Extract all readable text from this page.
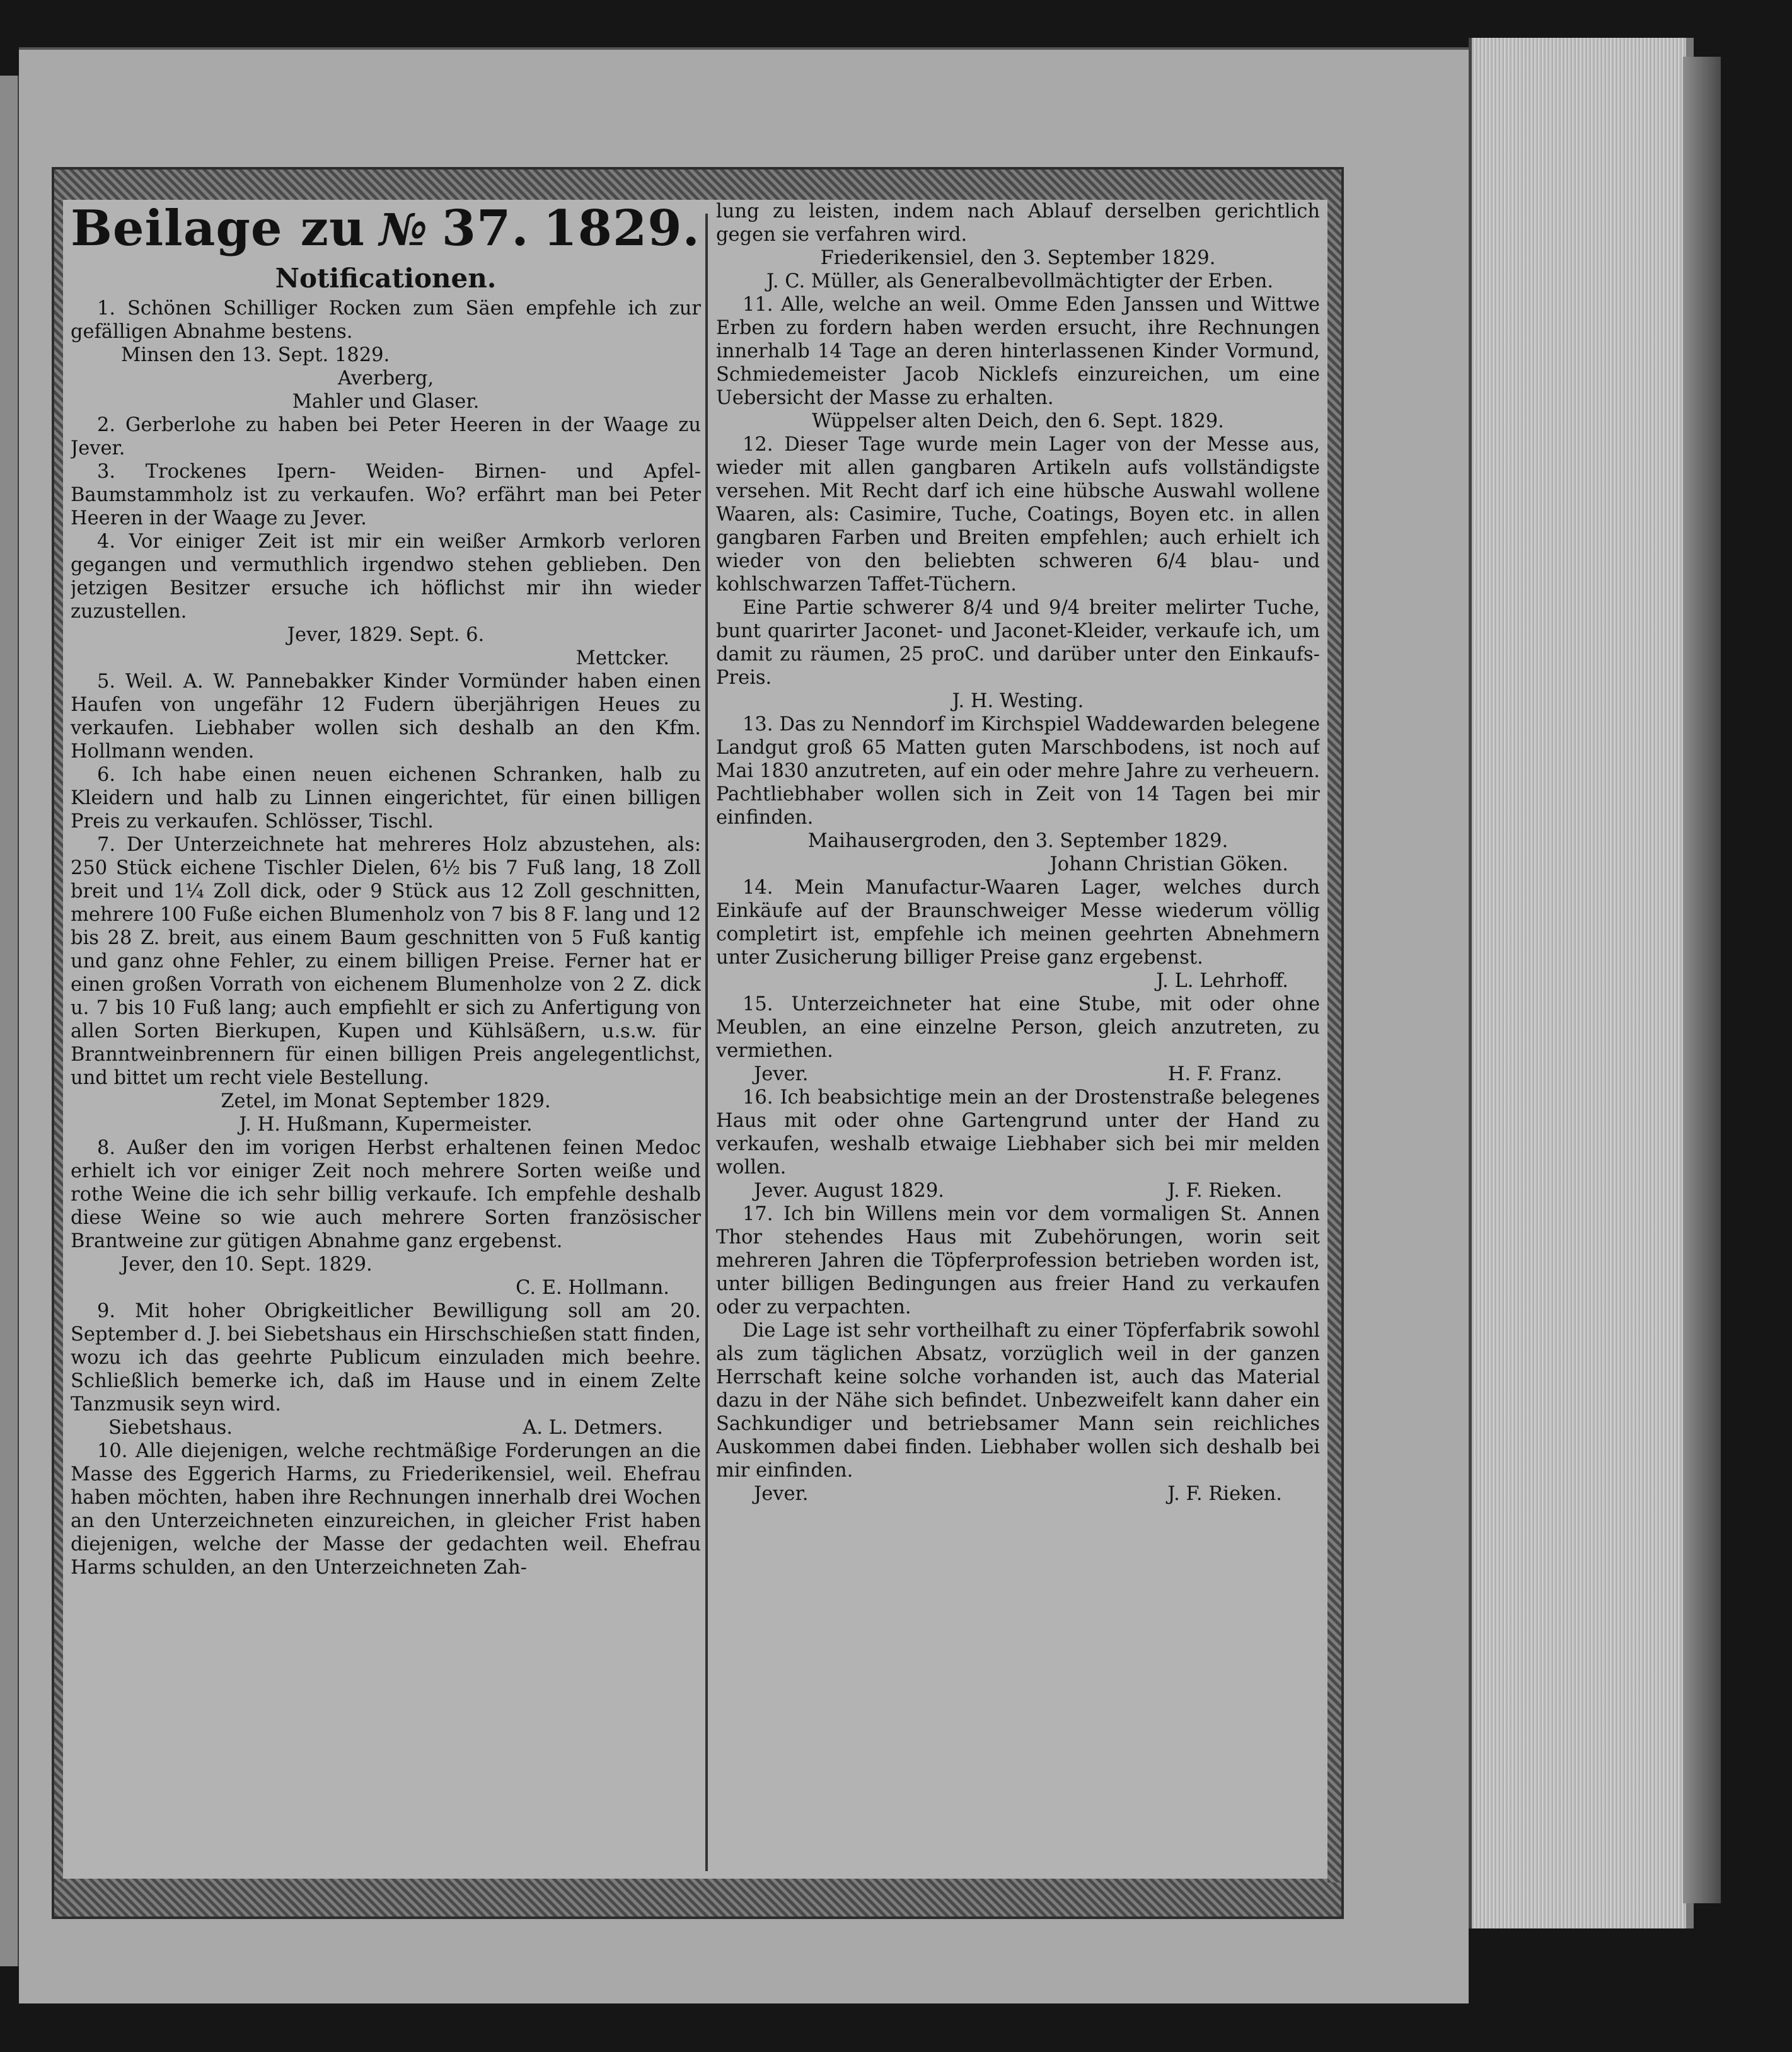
Beilage zu № 37. 1829.
Notificationen.
1. Schönen Schilliger Rocken zum Säen empfehle ich zur gefälligen Abnahme bestens.
Minsen den 13. Sept. 1829.
Averberg,
Mahler und Glaser.
2. Gerberlohe zu haben bei Peter Heeren in der Waage zu Jever.
3. Trockenes Ipern- Weiden- Birnen- und Apfel- Baumstammholz ist zu verkaufen. Wo? erfährt man bei Peter Heeren in der Waage zu Jever.
4. Vor einiger Zeit ist mir ein weißer Armkorb verloren gegangen und vermuthlich irgendwo stehen geblieben. Den jetzigen Besitzer ersuche ich höflichst mir ihn wieder zuzustellen.
Jever, 1829. Sept. 6.
Mettcker.
5. Weil. A. W. Pannebakker Kinder Vormünder haben einen Haufen von ungefähr 12 Fudern überjährigen Heues zu verkaufen. Liebhaber wollen sich deshalb an den Kfm. Hollmann wenden.
6. Ich habe einen neuen eichenen Schranken, halb zu Kleidern und halb zu Linnen eingerichtet, für einen billigen Preis zu verkaufen. Schlösser, Tischl.
7. Der Unterzeichnete hat mehreres Holz abzustehen, als: 250 Stück eichene Tischler Dielen, 6½ bis 7 Fuß lang, 18 Zoll breit und 1¼ Zoll dick, oder 9 Stück aus 12 Zoll geschnitten, mehrere 100 Fuße eichen Blumenholz von 7 bis 8 F. lang und 12 bis 28 Z. breit, aus einem Baum geschnitten von 5 Fuß kantig und ganz ohne Fehler, zu einem billigen Preise. Ferner hat er einen großen Vorrath von eichenem Blumenholze von 2 Z. dick u. 7 bis 10 Fuß lang; auch empfiehlt er sich zu Anfertigung von allen Sorten Bierkupen, Kupen und Kühlsäßern, u.s.w. für Branntweinbrennern für einen billigen Preis angelegentlichst, und bittet um recht viele Bestellung.
Zetel, im Monat September 1829.
J. H. Hußmann, Kupermeister.
8. Außer den im vorigen Herbst erhaltenen feinen Medoc erhielt ich vor einiger Zeit noch mehrere Sorten weiße und rothe Weine die ich sehr billig verkaufe. Ich empfehle deshalb diese Weine so wie auch mehrere Sorten französischer Brantweine zur gütigen Abnahme ganz ergebenst.
Jever, den 10. Sept. 1829.
C. E. Hollmann.
9. Mit hoher Obrigkeitlicher Bewilligung soll am 20. September d. J. bei Siebetshaus ein Hirschschießen statt finden, wozu ich das geehrte Publicum einzuladen mich beehre. Schließlich bemerke ich, daß im Hause und in einem Zelte Tanzmusik seyn wird.
Siebetshaus.	A. L. Detmers.
10. Alle diejenigen, welche rechtmäßige Forderungen an die Masse des Eggerich Harms, zu Friederikensiel, weil. Ehefrau haben möchten, haben ihre Rechnungen innerhalb drei Wochen an den Unterzeichneten einzureichen, in gleicher Frist haben diejenigen, welche der Masse der gedachten weil. Ehefrau Harms schulden, an den Unterzeichneten Zah-
lung zu leisten, indem nach Ablauf derselben gerichtlich gegen sie verfahren wird.
Friederikensiel, den 3. September 1829.
J. C. Müller, als Generalbevollmächtigter der Erben.
11. Alle, welche an weil. Omme Eden Janssen und Wittwe Erben zu fordern haben werden ersucht, ihre Rechnungen innerhalb 14 Tage an deren hinterlassenen Kinder Vormund, Schmiedemeister Jacob Nicklefs einzureichen, um eine Uebersicht der Masse zu erhalten.
Wüppelser alten Deich, den 6. Sept. 1829.
12. Dieser Tage wurde mein Lager von der Messe aus, wieder mit allen gangbaren Artikeln aufs vollständigste versehen. Mit Recht darf ich eine hübsche Auswahl wollene Waaren, als: Casimire, Tuche, Coatings, Boyen etc. in allen gangbaren Farben und Breiten empfehlen; auch erhielt ich wieder von den beliebten schweren 6/4 blau- und kohlschwarzen Taffet-Tüchern.
Eine Partie schwerer 8/4 und 9/4 breiter melirter Tuche, bunt quarirter Jaconet- und Jaconet-Kleider, verkaufe ich, um damit zu räumen, 25 proC. und darüber unter den Einkaufs-Preis.
J. H. Westing.
13. Das zu Nenndorf im Kirchspiel Waddewarden belegene Landgut groß 65 Matten guten Marschbodens, ist noch auf Mai 1830 anzutreten, auf ein oder mehre Jahre zu verheuern. Pachtliebhaber wollen sich in Zeit von 14 Tagen bei mir einfinden.
Maihausergroden, den 3. September 1829.
Johann Christian Göken.
14. Mein Manufactur-Waaren Lager, welches durch Einkäufe auf der Braunschweiger Messe wiederum völlig completirt ist, empfehle ich meinen geehrten Abnehmern unter Zusicherung billiger Preise ganz ergebenst.
J. L. Lehrhoff.
15. Unterzeichneter hat eine Stube, mit oder ohne Meublen, an eine einzelne Person, gleich anzutreten, zu vermiethen.
Jever.	H. F. Franz.
16. Ich beabsichtige mein an der Drostenstraße belegenes Haus mit oder ohne Gartengrund unter der Hand zu verkaufen, weshalb etwaige Liebhaber sich bei mir melden wollen.
Jever. August 1829.	J. F. Rieken.
17. Ich bin Willens mein vor dem vormaligen St. Annen Thor stehendes Haus mit Zubehörungen, worin seit mehreren Jahren die Töpferprofession betrieben worden ist, unter billigen Bedingungen aus freier Hand zu verkaufen oder zu verpachten.
Die Lage ist sehr vortheilhaft zu einer Töpferfabrik sowohl als zum täglichen Absatz, vorzüglich weil in der ganzen Herrschaft keine solche vorhanden ist, auch das Material dazu in der Nähe sich befindet. Unbezweifelt kann daher ein Sachkundiger und betriebsamer Mann sein reichliches Auskommen dabei finden. Liebhaber wollen sich deshalb bei mir einfinden.
Jever.	J. F. Rieken.
